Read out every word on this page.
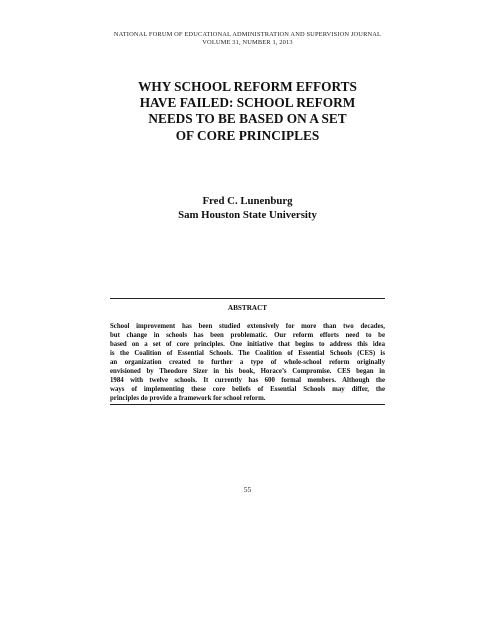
NATIONAL FORUM OF EDUCATIONAL ADMINISTRATION AND SUPERVISION JOURNAL
VOLUME 31, NUMBER 1, 2013
WHY SCHOOL REFORM EFFORTS
HAVE FAILED: SCHOOL REFORM
NEEDS TO BE BASED ON A SET
OF CORE PRINCIPLES
Fred C. Lunenburg
Sam Houston State University
ABSTRACT
School improvement has been studied extensively for more than two decades,
but change in schools has been problematic. Our reform efforts need to be
based on a set of core principles. One initiative that begins to address this idea
is the Coalition of Essential Schools. The Coalition of Essential Schools (CES) is
an organization created to further a type of whole-school reform originally
envisioned by Theodore Sizer in his book, Horace’s Compromise. CES began in
1984 with twelve schools. It currently has 600 formal members. Although the
ways of implementing these core beliefs of Essential Schools may differ, the
principles do provide a framework for school reform.
55
